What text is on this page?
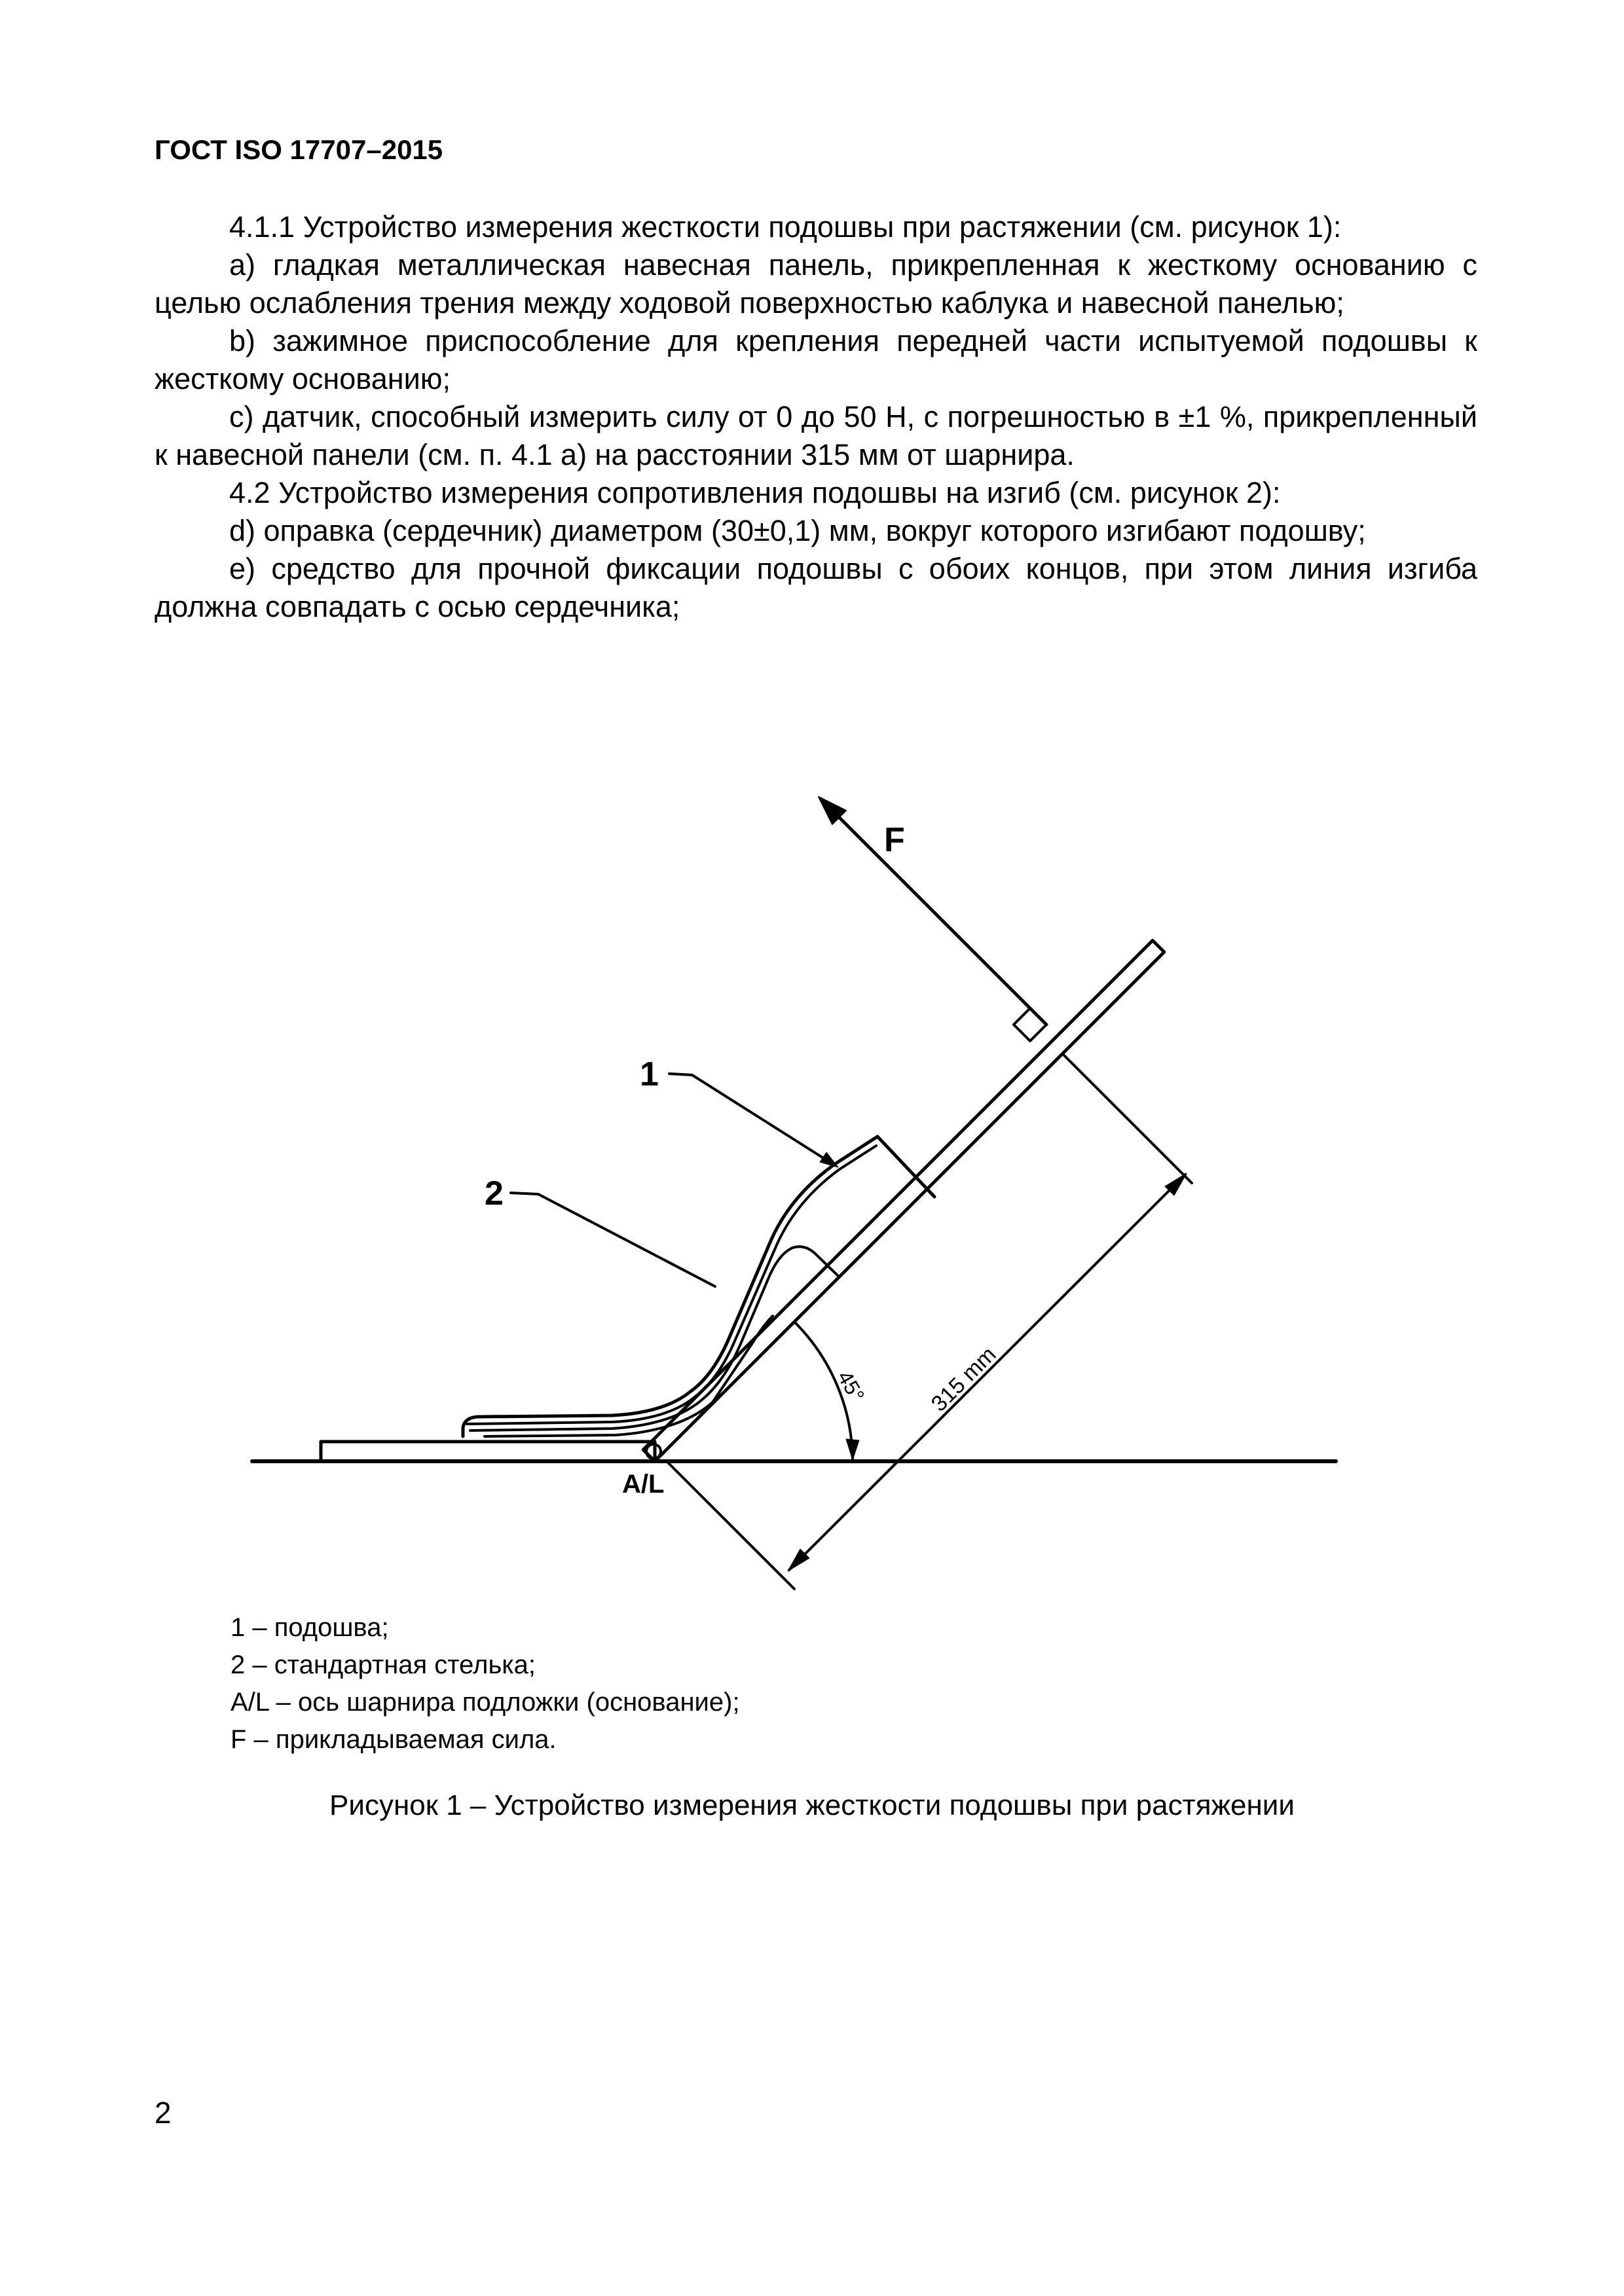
ГОСТ ISO 17707–2015

4.1.1 Устройство измерения жесткости подошвы при растяжении (см. рисунок 1):

а) гладкая металлическая навесная панель, прикрепленная к жесткому основанию с целью ослабления трения между ходовой поверхностью каблука и навесной панелью;

b) зажимное приспособление для крепления передней части испытуемой подошвы к жесткому основанию;

с) датчик, способный измерить силу от 0 до 50 Н, с погрешностью в ±1 %, прикрепленный к навесной панели (см. п. 4.1 а) на расстоянии 315 мм от шарнира.

4.2 Устройство измерения сопротивления подошвы на изгиб (см. рисунок 2):

d) оправка (сердечник) диаметром (30±0,1) мм, вокруг которого изгибают подошву;

е) средство для прочной фиксации подошвы с обоих концов, при этом линия изгиба должна совпадать с осью сердечника;

F
1
2
45°	315 mm
A/L
1 – подошва;
2 – стандартная стелька;
A/L – ось шарнира подложки (основание);
F – прикладываемая сила.
Рисунок 1 – Устройство измерения жесткости подошвы при растяжении
2
